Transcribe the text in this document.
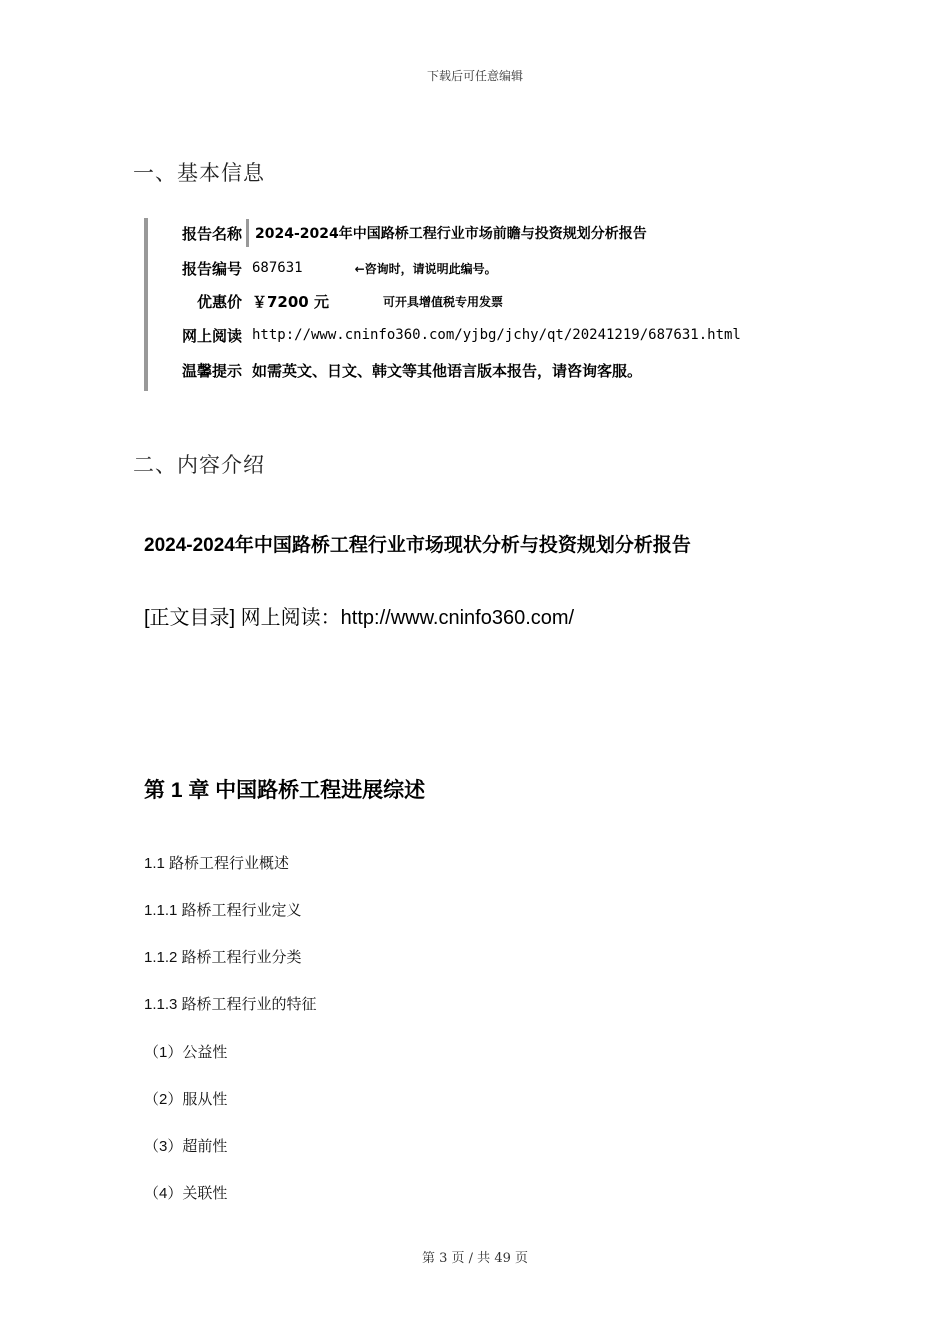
下载后可任意编辑
一、基本信息
报告名称 2024-2024年中国路桥工程行业市场前瞻与投资规划分析报告
报告编号 687631	←咨询时，请说明此编号。
优惠价 ￥7200 元	可开具增值税专用发票
网上阅读 http://www.cninfo360.com/yjbg/jchy/qt/20241219/687631.html
温馨提示 如需英文、日文、韩文等其他语言版本报告，请咨询客服。
二、内容介绍
2024-2024年中国路桥工程行业市场现状分析与投资规划分析报告
[正文目录] 网上阅读：http://www.cninfo360.com/
第 1 章 中国路桥工程进展综述
1.1 路桥工程行业概述
1.1.1 路桥工程行业定义
1.1.2 路桥工程行业分类
1.1.3 路桥工程行业的特征
（1）公益性
（2）服从性
（3）超前性
（4）关联性
第 3 页 / 共 49 页
